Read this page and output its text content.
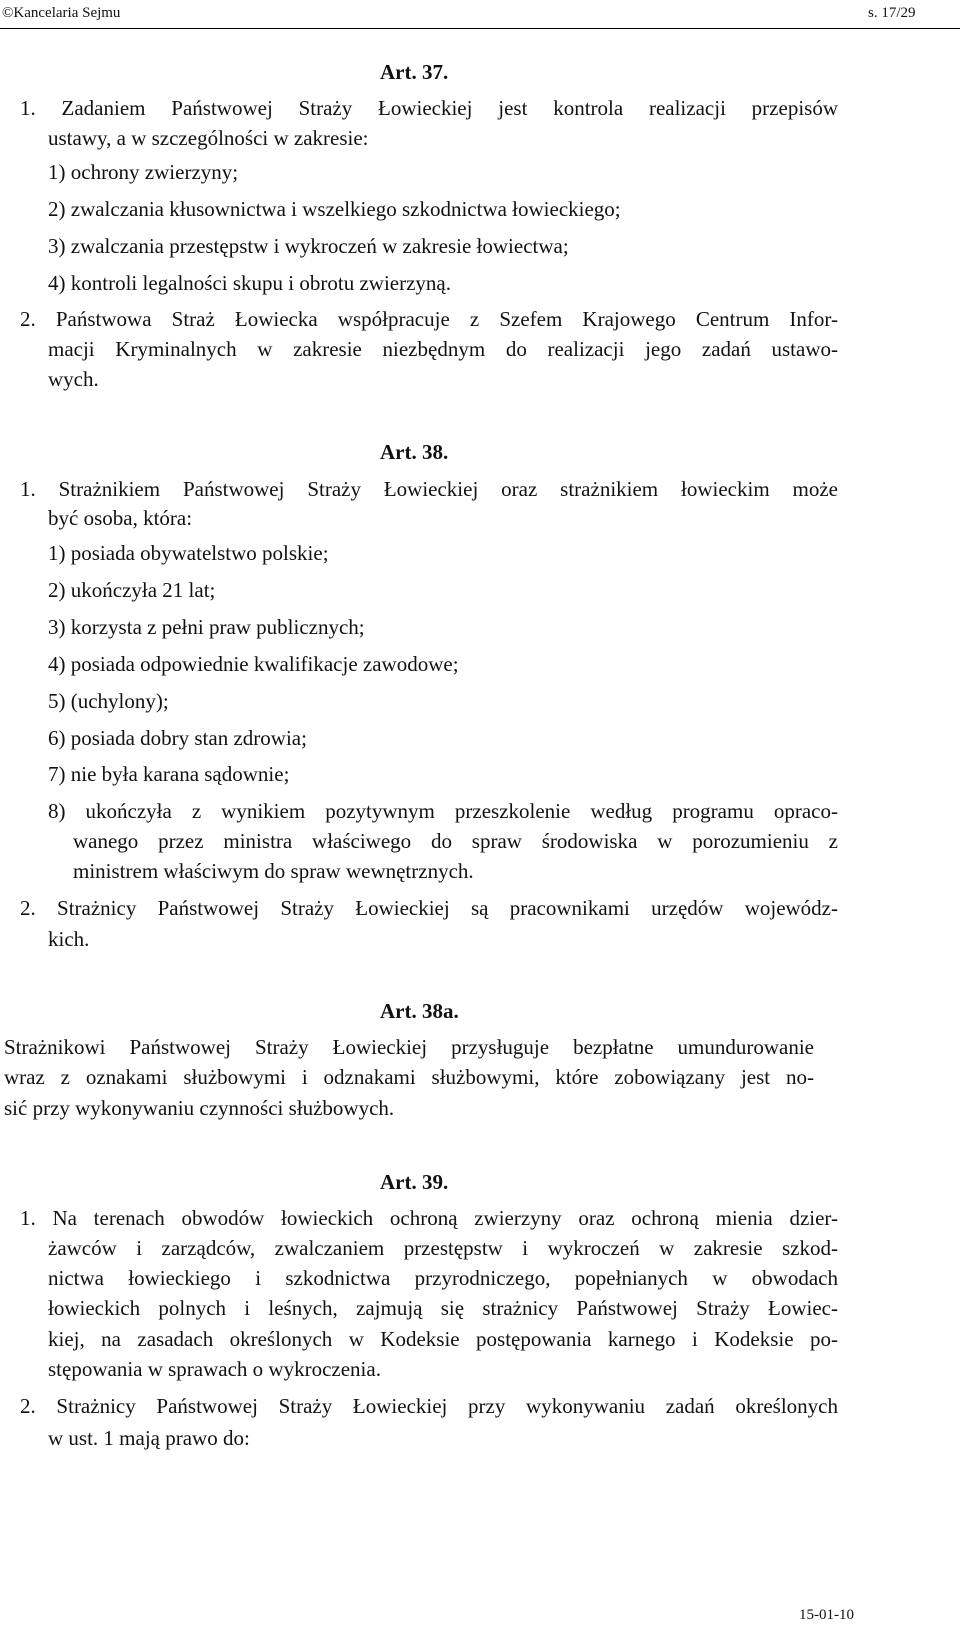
©Kancelaria Sejmu	s. 17/29
Art. 37.
1. Zadaniem Państwowej Straży Łowieckiej jest kontrola realizacji przepisów
ustawy, a w szczególności w zakresie:
1) ochrony zwierzyny;
2) zwalczania kłusownictwa i wszelkiego szkodnictwa łowieckiego;
3) zwalczania przestępstw i wykroczeń w zakresie łowiectwa;
4) kontroli legalności skupu i obrotu zwierzyną.
2. Państwowa Straż Łowiecka współpracuje z Szefem Krajowego Centrum Infor-
macji Kryminalnych w zakresie niezbędnym do realizacji jego zadań ustawo-
wych.
Art. 38.
1. Strażnikiem Państwowej Straży Łowieckiej oraz strażnikiem łowieckim może
być osoba, która:
1) posiada obywatelstwo polskie;
2) ukończyła 21 lat;
3) korzysta z pełni praw publicznych;
4) posiada odpowiednie kwalifikacje zawodowe;
5) (uchylony);
6) posiada dobry stan zdrowia;
7) nie była karana sądownie;
8) ukończyła z wynikiem pozytywnym przeszkolenie według programu opraco-
wanego przez ministra właściwego do spraw środowiska w porozumieniu z
ministrem właściwym do spraw wewnętrznych.
2. Strażnicy Państwowej Straży Łowieckiej są pracownikami urzędów wojewódz-
kich.
Art. 38a.
Strażnikowi Państwowej Straży Łowieckiej przysługuje bezpłatne umundurowanie
wraz z oznakami służbowymi i odznakami służbowymi, które zobowiązany jest no-
sić przy wykonywaniu czynności służbowych.
Art. 39.
1. Na terenach obwodów łowieckich ochroną zwierzyny oraz ochroną mienia dzier-
żawców i zarządców, zwalczaniem przestępstw i wykroczeń w zakresie szkod-
nictwa łowieckiego i szkodnictwa przyrodniczego, popełnianych w obwodach
łowieckich polnych i leśnych, zajmują się strażnicy Państwowej Straży Łowiec-
kiej, na zasadach określonych w Kodeksie postępowania karnego i Kodeksie po-
stępowania w sprawach o wykroczenia.
2. Strażnicy Państwowej Straży Łowieckiej przy wykonywaniu zadań określonych
w ust. 1 mają prawo do:
15-01-10
